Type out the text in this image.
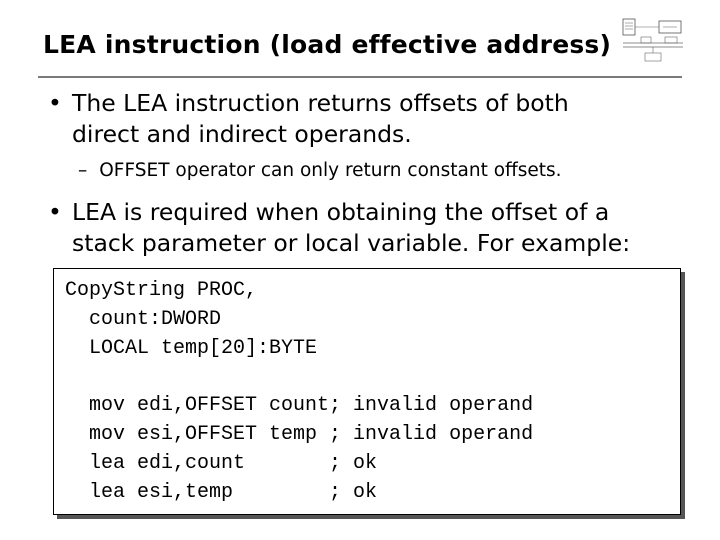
LEA instruction (load effective address)
• The LEA instruction returns offsets of both
direct and indirect operands.
– OFFSET operator can only return constant offsets.
• LEA is required when obtaining the offset of a
stack parameter or local variable. For example:
CopyString PROC,
count:DWORD
LOCAL temp[20]:BYTE
mov edi,OFFSET count; invalid operand
mov esi,OFFSET temp ; invalid operand
lea edi,count       ; ok
lea esi,temp        ; ok
